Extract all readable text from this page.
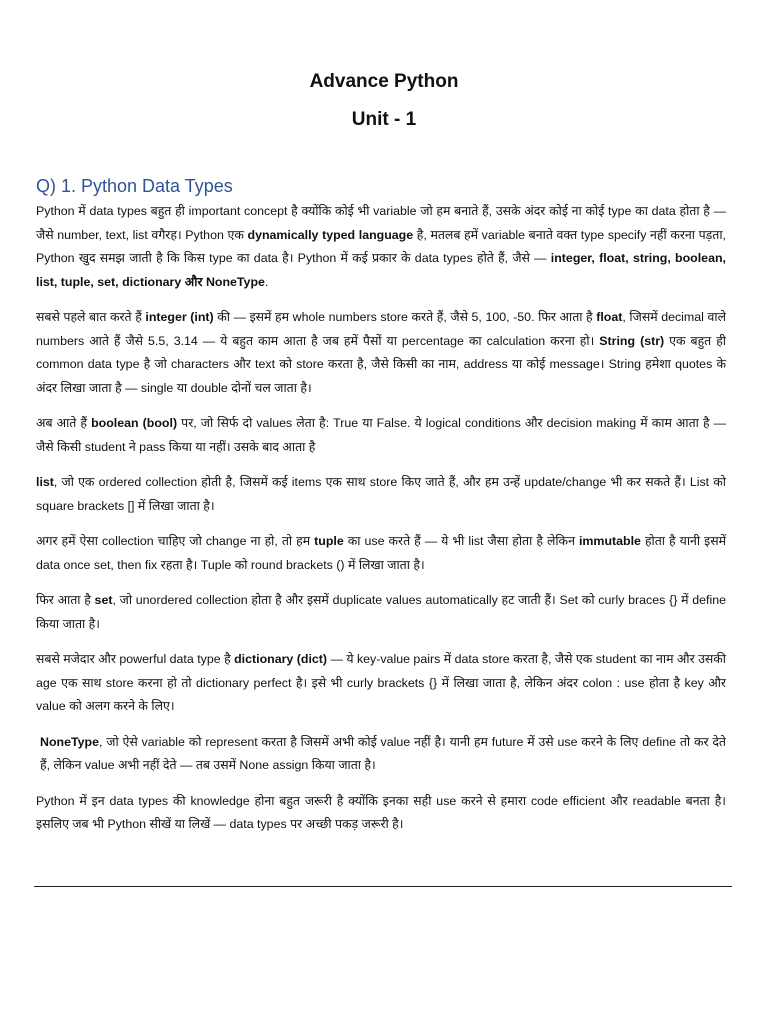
Advance Python
Unit - 1
Q) 1. Python Data Types

Python में data types बहुत ही important concept है क्योंकि कोई भी variable जो हम बनाते हैं, उसके अंदर कोई ना कोई type का data होता है — जैसे number, text, list वगैरह। Python एक dynamically typed language है, मतलब हमें variable बनाते वक्त type specify नहीं करना पड़ता, Python खुद समझ जाती है कि किस type का data है। Python में कई प्रकार के data types होते हैं, जैसे — integer, float, string, boolean, list, tuple, set, dictionary और NoneType.

सबसे पहले बात करते हैं integer (int) की — इसमें हम whole numbers store करते हैं, जैसे 5, 100, -50. फिर आता है float, जिसमें decimal वाले numbers आते हैं जैसे 5.5, 3.14 — ये बहुत काम आता है जब हमें पैसों या percentage का calculation करना हो। String (str) एक बहुत ही common data type है जो characters और text को store करता है, जैसे किसी का नाम, address या कोई message। String हमेशा quotes के अंदर लिखा जाता है — single या double दोनों चल जाता है।

अब आते हैं boolean (bool) पर, जो सिर्फ दो values लेता है: True या False. ये logical conditions और decision making में काम आता है — जैसे किसी student ने pass किया या नहीं। उसके बाद आता है

list, जो एक ordered collection होती है, जिसमें कई items एक साथ store किए जाते हैं, और हम उन्हें update/change भी कर सकते हैं। List को square brackets [] में लिखा जाता है।

अगर हमें ऐसा collection चाहिए जो change ना हो, तो हम tuple का use करते हैं — ये भी list जैसा होता है लेकिन immutable होता है यानी इसमें data once set, then fix रहता है। Tuple को round brackets () में लिखा जाता है।

फिर आता है set, जो unordered collection होता है और इसमें duplicate values automatically हट जाती हैं। Set को curly braces {} में define किया जाता है।

सबसे मजेदार और powerful data type है dictionary (dict) — ये key-value pairs में data store करता है, जैसे एक student का नाम और उसकी age एक साथ store करना हो तो dictionary perfect है। इसे भी curly brackets {} में लिखा जाता है, लेकिन अंदर colon : use होता है key और value को अलग करने के लिए।

NoneType, जो ऐसे variable को represent करता है जिसमें अभी कोई value नहीं है। यानी हम future में उसे use करने के लिए define तो कर देते हैं, लेकिन value अभी नहीं देते — तब उसमें None assign किया जाता है।

Python में इन data types की knowledge होना बहुत जरूरी है क्योंकि इनका सही use करने से हमारा code efficient और readable बनता है। इसलिए जब भी Python सीखें या लिखें — data types पर अच्छी पकड़ जरूरी है।
